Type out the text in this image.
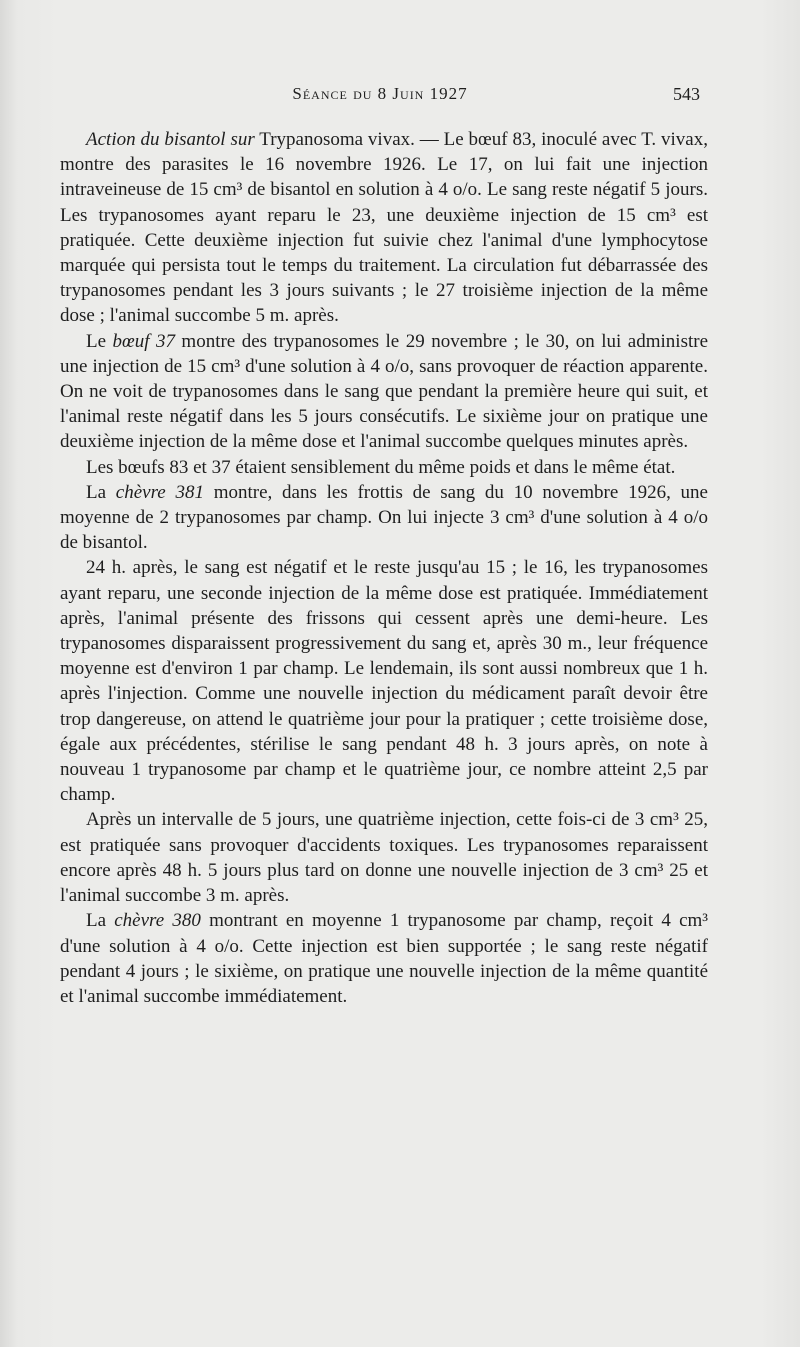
Séance du 8 Juin 1927	543

Action du bisantol sur Trypanosoma vivax. — Le bœuf 83, inoculé avec T. vivax, montre des parasites le 16 novembre 1926. Le 17, on lui fait une injection intraveineuse de 15 cm³ de bisantol en solution à 4 o/o. Le sang reste négatif 5 jours. Les trypanosomes ayant reparu le 23, une deuxième injection de 15 cm³ est pratiquée. Cette deuxième injection fut suivie chez l'animal d'une lymphocytose marquée qui persista tout le temps du traitement. La circulation fut débarrassée des trypanosomes pendant les 3 jours suivants ; le 27 troisième injection de la même dose ; l'animal succombe 5 m. après.

Le bœuf 37 montre des trypanosomes le 29 novembre ; le 30, on lui administre une injection de 15 cm³ d'une solution à 4 o/o, sans provoquer de réaction apparente. On ne voit de trypanosomes dans le sang que pendant la première heure qui suit, et l'animal reste négatif dans les 5 jours consécutifs. Le sixième jour on pratique une deuxième injection de la même dose et l'animal succombe quelques minutes après.

Les bœufs 83 et 37 étaient sensiblement du même poids et dans le même état.

La chèvre 381 montre, dans les frottis de sang du 10 novembre 1926, une moyenne de 2 trypanosomes par champ. On lui injecte 3 cm³ d'une solution à 4 o/o de bisantol.

24 h. après, le sang est négatif et le reste jusqu'au 15 ; le 16, les trypanosomes ayant reparu, une seconde injection de la même dose est pratiquée. Immédiatement après, l'animal présente des frissons qui cessent après une demi-heure. Les trypanosomes disparaissent progressivement du sang et, après 30 m., leur fréquence moyenne est d'environ 1 par champ. Le lendemain, ils sont aussi nombreux que 1 h. après l'injection. Comme une nouvelle injection du médicament paraît devoir être trop dangereuse, on attend le quatrième jour pour la pratiquer ; cette troisième dose, égale aux précédentes, stérilise le sang pendant 48 h. 3 jours après, on note à nouveau 1 trypanosome par champ et le quatrième jour, ce nombre atteint 2,5 par champ.

Après un intervalle de 5 jours, une quatrième injection, cette fois-ci de 3 cm³ 25, est pratiquée sans provoquer d'accidents toxiques. Les trypanosomes reparaissent encore après 48 h. 5 jours plus tard on donne une nouvelle injection de 3 cm³ 25 et l'animal succombe 3 m. après.

La chèvre 380 montrant en moyenne 1 trypanosome par champ, reçoit 4 cm³ d'une solution à 4 o/o. Cette injection est bien supportée ; le sang reste négatif pendant 4 jours ; le sixième, on pratique une nouvelle injection de la même quantité et l'animal succombe immédiatement.
